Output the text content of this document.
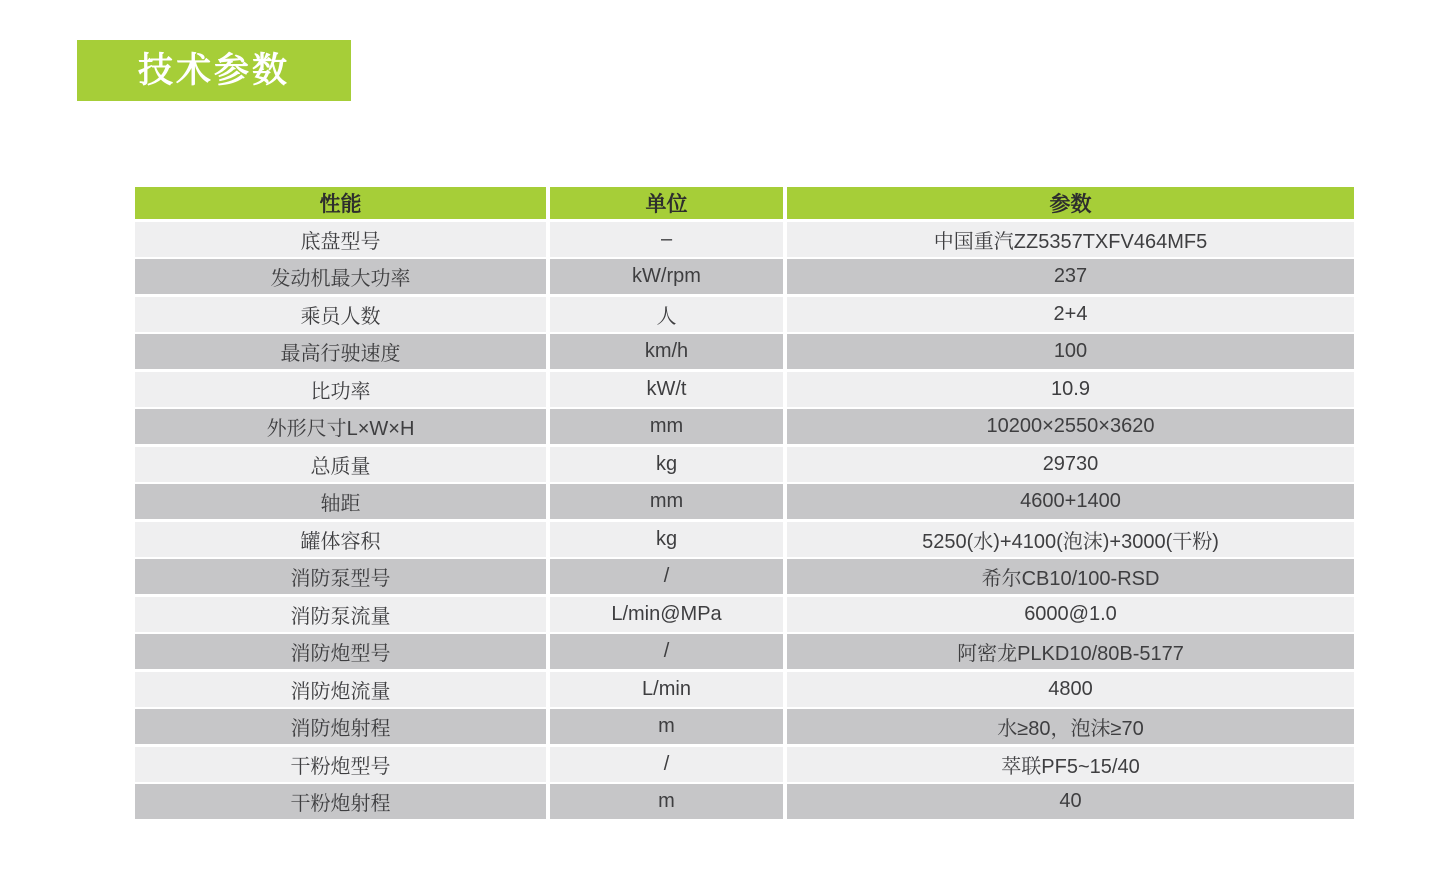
技术参数
性能	单位	参数
底盘型号	–	中国重汽ZZ5357TXFV464MF5
发动机最大功率	kW/rpm	237
乘员人数	人	2+4
最高行驶速度	km/h	100
比功率	kW/t	10.9
外形尺寸L×W×H	mm	10200×2550×3620
总质量	kg	29730
轴距	mm	4600+1400
罐体容积	kg	5250(水)+4100(泡沫)+3000(干粉)
消防泵型号	/	希尔CB10/100-RSD
消防泵流量	L/min@MPa	6000@1.0
消防炮型号	/	阿密龙PLKD10/80B-5177
消防炮流量	L/min	4800
消防炮射程	m	水≥80，泡沫≥70
干粉炮型号	/	萃联PF5~15/40
干粉炮射程	m	40
